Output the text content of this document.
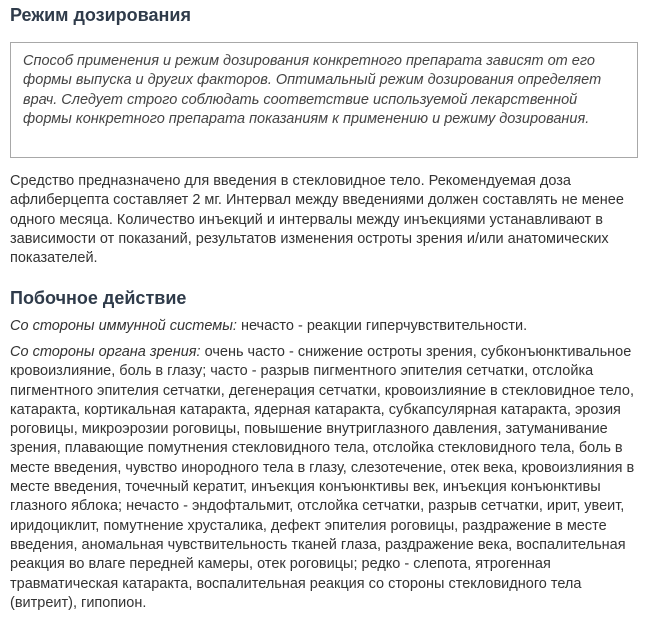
Режим дозирования

Способ применения и режим дозирования конкретного препарата зависят от его формы выпуска и других факторов. Оптимальный режим дозирования определяет врач. Следует строго соблюдать соответствие используемой лекарственной формы конкретного препарата показаниям к применению и режиму дозирования.

Средство предназначено для введения в стекловидное тело. Рекомендуемая доза афлиберцепта составляет 2 мг. Интервал между введениями должен составлять не менее одного месяца. Количество инъекций и интервалы между инъекциями устанавливают в зависимости от показаний, результатов изменения остроты зрения и/или анатомических показателей.

Побочное действие

Со стороны иммунной системы: нечасто - реакции гиперчувствительности.

Со стороны органа зрения: очень часто - снижение остроты зрения, субконъюнктивальное кровоизлияние, боль в глазу; часто - разрыв пигментного эпителия сетчатки, отслойка пигментного эпителия сетчатки, дегенерация сетчатки, кровоизлияние в стекловидное тело, катаракта, кортикальная катаракта, ядерная катаракта, субкапсулярная катаракта, эрозия роговицы, микроэрозии роговицы, повышение внутриглазного давления, затуманивание зрения, плавающие помутнения стекловидного тела, отслойка стекловидного тела, боль в месте введения, чувство инородного тела в глазу, слезотечение, отек века, кровоизлияния в месте введения, точечный кератит, инъекция конъюнктивы век, инъекция конъюнктивы глазного яблока; нечасто - эндофтальмит, отслойка сетчатки, разрыв сетчатки, ирит, увеит, иридоциклит, помутнение хрусталика, дефект эпителия роговицы, раздражение в месте введения, аномальная чувствительность тканей глаза, раздражение века, воспалительная реакция во влаге передней камеры, отек роговицы; редко - слепота, ятрогенная травматическая катаракта, воспалительная реакция со стороны стекловидного тела (витреит), гипопион.
